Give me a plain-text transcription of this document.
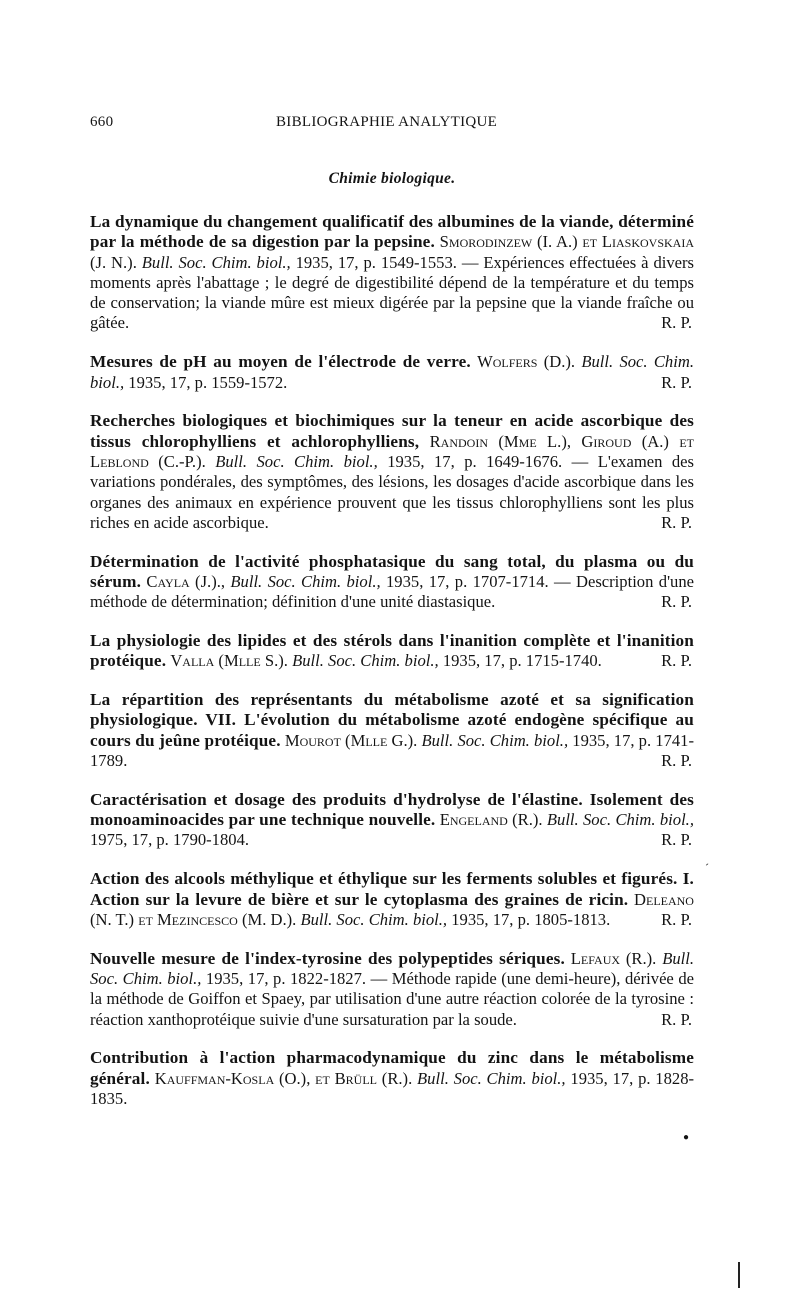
660	BIBLIOGRAPHIE ANALYTIQUE
Chimie biologique.

La dynamique du changement qualificatif des albumines de la viande, déterminé par la méthode de sa digestion par la pepsine. Smorodinzew (I. A.) et Liaskovskaia (J. N.). Bull. Soc. Chim. biol., 1935, 17, p. 1549-1553. — Expériences effectuées à divers moments après l'abattage ; le degré de digestibilité dépend de la température et du temps de conservation; la viande mûre est mieux digérée par la pepsine que la viande fraîche ou gâtée.	R. P.

Mesures de pH au moyen de l'électrode de verre. Wolfers (D.). Bull. Soc. Chim. biol., 1935, 17, p. 1559-1572.	R. P.

Recherches biologiques et biochimiques sur la teneur en acide ascorbique des tissus chlorophylliens et achlorophylliens, Randoin (Mme L.), Giroud (A.) et Leblond (C.-P.). Bull. Soc. Chim. biol., 1935, 17, p. 1649-1676. — L'examen des variations pondérales, des symptômes, des lésions, les dosages d'acide ascorbique dans les organes des animaux en expérience prouvent que les tissus chlorophylliens sont les plus riches en acide ascorbique.	R. P.

Détermination de l'activité phosphatasique du sang total, du plasma ou du sérum. Cayla (J.)., Bull. Soc. Chim. biol., 1935, 17, p. 1707-1714. — Description d'une méthode de détermination; définition d'une unité diastasique.	R. P.

La physiologie des lipides et des stérols dans l'inanition complète et l'inanition protéique. Valla (Mlle S.). Bull. Soc. Chim. biol., 1935, 17, p. 1715-1740.	R. P.

La répartition des représentants du métabolisme azoté et sa signification physiologique. VII. L'évolution du métabolisme azoté endogène spécifique au cours du jeûne protéique. Mourot (Mlle G.). Bull. Soc. Chim. biol., 1935, 17, p. 1741-1789.	R. P.

Caractérisation et dosage des produits d'hydrolyse de l'élastine. Isolement des monoaminoacides par une technique nouvelle. Engeland (R.). Bull. Soc. Chim. biol., 1975, 17, p. 1790-1804.	R. P.

Action des alcools méthylique et éthylique sur les ferments solubles et figurés. I. Action sur la levure de bière et sur le cytoplasma des graines de ricin. Deleano (N. T.) et Mezincesco (M. D.). Bull. Soc. Chim. biol., 1935, 17, p. 1805-1813.	R. P.

Nouvelle mesure de l'index-tyrosine des polypeptides sériques. Lefaux (R.). Bull. Soc. Chim. biol., 1935, 17, p. 1822-1827. — Méthode rapide (une demi-heure), dérivée de la méthode de Goiffon et Spaey, par utilisation d'une autre réaction colorée de la tyrosine : réaction xanthoprotéique suivie d'une sursaturation par la soude.	R. P.

Contribution à l'action pharmacodynamique du zinc dans le métabolisme général. Kauffman-Kosla (O.), et Brüll (R.). Bull. Soc. Chim. biol., 1935, 17, p. 1828-1835.

ˊ
●
